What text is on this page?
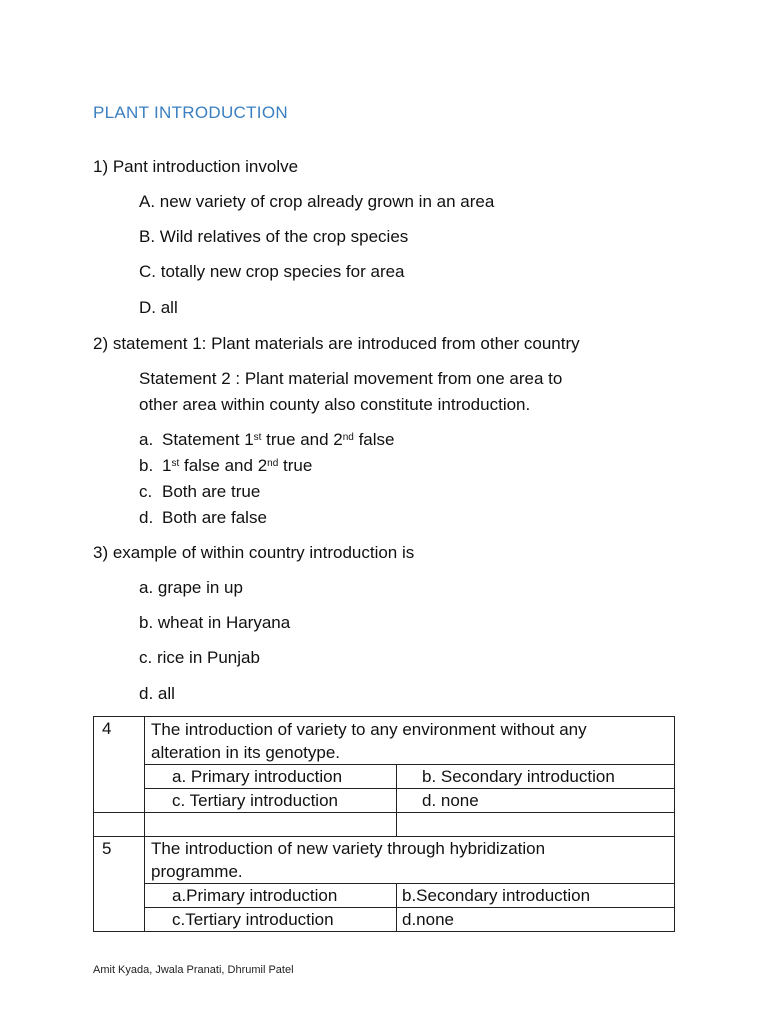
PLANT INTRODUCTION
1) Pant introduction involve
A. new variety of crop already grown in an area
B. Wild relatives of the crop species
C. totally new crop species for area
D. all
2) statement 1: Plant materials are introduced from other country
Statement 2 : Plant material movement from one area to
other area within county also constitute introduction.
a. Statement 1st true and 2nd false
b. 1st false and 2nd true
c. Both are true
d. Both are false
3) example of within country introduction is
a. grape in up
b. wheat in Haryana
c. rice in Punjab
d. all
4	The introduction of variety to any environment without any
alteration in its genotype.	

	a. Primary introduction	b. Secondary introduction
	c. Tertiary introduction	d. none

5	The introduction of new variety through hybridization
programme.	

	a.Primary introduction	b.Secondary introduction
	c.Tertiary introduction	d.none
Amit Kyada, Jwala Pranati, Dhrumil Patel
